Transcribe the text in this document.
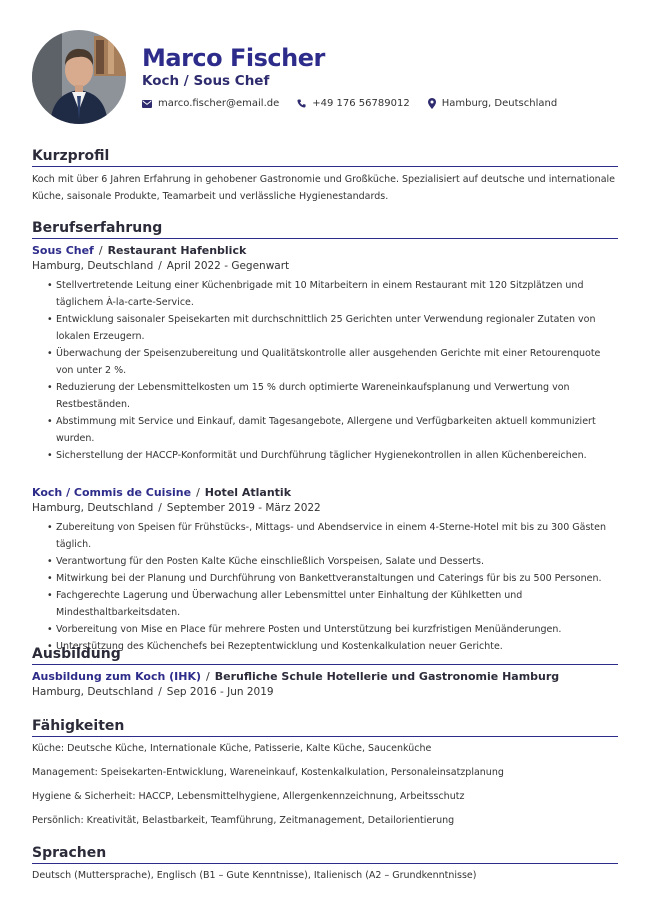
Marco Fischer
Koch / Sous Chef
marco.fischer@email.de	+49 176 56789012	Hamburg, Deutschland
Kurzprofil
Koch mit über 6 Jahren Erfahrung in gehobener Gastronomie und Großküche. Spezialisiert auf deutsche und internationale Küche, saisonale Produkte, Teamarbeit und verlässliche Hygienestandards.
Berufserfahrung
Sous Chef / Restaurant Hafenblick
Hamburg, Deutschland / April 2022 - Gegenwart
• Stellvertretende Leitung einer Küchenbrigade mit 10 Mitarbeitern in einem Restaurant mit 120 Sitzplätzen und täglichem À-la-carte-Service.
• Entwicklung saisonaler Speisekarten mit durchschnittlich 25 Gerichten unter Verwendung regionaler Zutaten von lokalen Erzeugern.
• Überwachung der Speisenzubereitung und Qualitätskontrolle aller ausgehenden Gerichte mit einer Retourenquote von unter 2 %.
• Reduzierung der Lebensmittelkosten um 15 % durch optimierte Wareneinkaufsplanung und Verwertung von Restbeständen.
• Abstimmung mit Service und Einkauf, damit Tagesangebote, Allergene und Verfügbarkeiten aktuell kommuniziert wurden.
• Sicherstellung der HACCP-Konformität und Durchführung täglicher Hygienekontrollen in allen Küchenbereichen.
Koch / Commis de Cuisine / Hotel Atlantik
Hamburg, Deutschland / September 2019 - März 2022
• Zubereitung von Speisen für Frühstücks-, Mittags- und Abendservice in einem 4-Sterne-Hotel mit bis zu 300 Gästen täglich.
• Verantwortung für den Posten Kalte Küche einschließlich Vorspeisen, Salate und Desserts.
• Mitwirkung bei der Planung und Durchführung von Bankettveranstaltungen und Caterings für bis zu 500 Personen.
• Fachgerechte Lagerung und Überwachung aller Lebensmittel unter Einhaltung der Kühlketten und Mindesthaltbarkeitsdaten.
• Vorbereitung von Mise en Place für mehrere Posten und Unterstützung bei kurzfristigen Menüänderungen.
• Unterstützung des Küchenchefs bei Rezeptentwicklung und Kostenkalkulation neuer Gerichte.
Ausbildung
Ausbildung zum Koch (IHK) / Berufliche Schule Hotellerie und Gastronomie Hamburg
Hamburg, Deutschland / Sep 2016 - Jun 2019
Fähigkeiten
Küche: Deutsche Küche, Internationale Küche, Patisserie, Kalte Küche, Saucenküche
Management: Speisekarten-Entwicklung, Wareneinkauf, Kostenkalkulation, Personaleinsatzplanung
Hygiene & Sicherheit: HACCP, Lebensmittelhygiene, Allergenkennzeichnung, Arbeitsschutz
Persönlich: Kreativität, Belastbarkeit, Teamführung, Zeitmanagement, Detailorientierung
Sprachen
Deutsch (Muttersprache), Englisch (B1 – Gute Kenntnisse), Italienisch (A2 – Grundkenntnisse)
